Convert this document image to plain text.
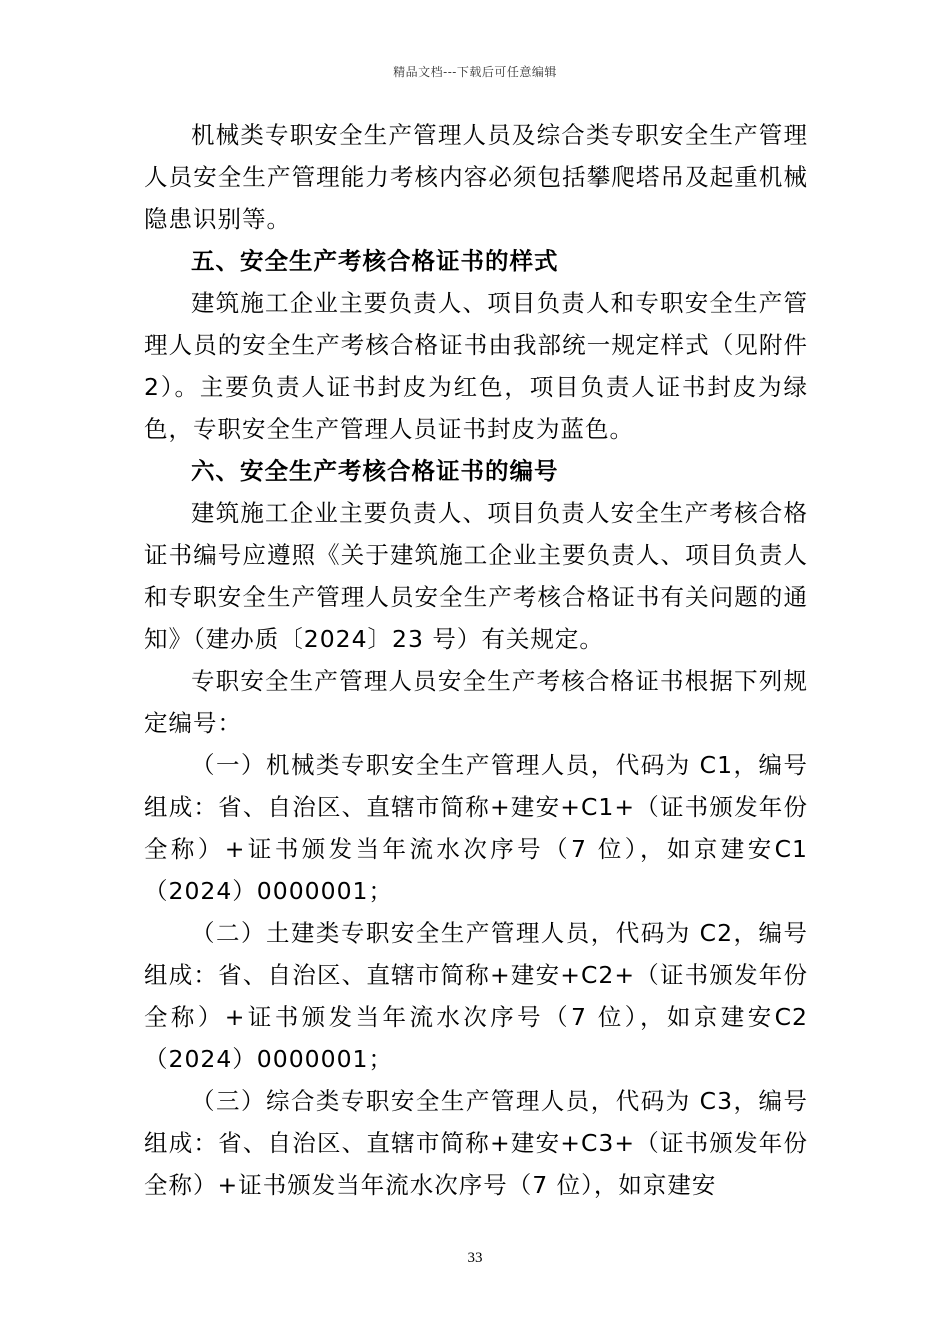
精品文档---下载后可任意编辑

机械类专职安全生产管理人员及综合类专职安全生产管理人员安全生产管理能力考核内容必须包括攀爬塔吊及起重机械隐患识别等。

五、安全生产考核合格证书的样式

建筑施工企业主要负责人、项目负责人和专职安全生产管理人员的安全生产考核合格证书由我部统一规定样式（见附件 2）。主要负责人证书封皮为红色，项目负责人证书封皮为绿色，专职安全生产管理人员证书封皮为蓝色。

六、安全生产考核合格证书的编号

建筑施工企业主要负责人、项目负责人安全生产考核合格证书编号应遵照《关于建筑施工企业主要负责人、项目负责人和专职安全生产管理人员安全生产考核合格证书有关问题的通知》（建办质〔2024〕23 号）有关规定。

专职安全生产管理人员安全生产考核合格证书根据下列规定编号：

（一）机械类专职安全生产管理人员，代码为 C1，编号组成：省、自治区、直辖市简称+建安+C1+（证书颁发年份全称）+证书颁发当年流水次序号（7 位），如京建安C1（2024）0000001；

（二）土建类专职安全生产管理人员，代码为 C2，编号组成：省、自治区、直辖市简称+建安+C2+（证书颁发年份全称）+证书颁发当年流水次序号（7 位），如京建安C2（2024）0000001；

（三）综合类专职安全生产管理人员，代码为 C3，编号组成：省、自治区、直辖市简称+建安+C3+（证书颁发年份全称）+证书颁发当年流水次序号（7 位），如京建安

33
